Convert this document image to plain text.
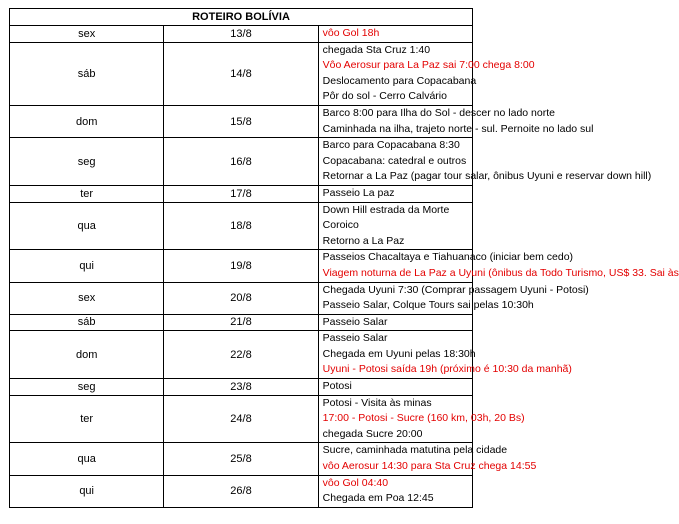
ROTEIRO BOLÍVIA		
sex	13/8	vôo Gol 18h

sáb	14/8	chegada Sta Cruz 1:40
Vôo Aerosur para La Paz sai 7:00 chega 8:00
Deslocamento para Copacabana
Pôr do sol - Cerro Calvário

dom	15/8	Barco 8:00 para Ilha do Sol - descer no lado norte
Caminhada na ilha, trajeto norte - sul. Pernoite no lado sul

seg	16/8	Barco para Copacabana 8:30
Copacabana: catedral e outros
Retornar a La Paz (pagar tour salar, ônibus Uyuni e reservar down hill)

ter	17/8	Passeio La paz

qua	18/8	Down Hill estrada da Morte
Coroico
Retorno a La Paz

qui	19/8	Passeios Chacaltaya e Tiahuanaco (iniciar bem cedo)
Viagem noturna de La Paz a Uyuni (ônibus da Todo Turismo, US$ 33. Sai às

sex	20/8	Chegada Uyuni 7:30 (Comprar passagem Uyuni - Potosi)
Passeio Salar, Colque Tours sai pelas 10:30h

sáb	21/8	Passeio Salar

dom	22/8	Passeio Salar
Chegada em Uyuni pelas 18:30h
Uyuni - Potosi saída 19h (próximo é 10:30 da manhã)

seg	23/8	Potosi

ter	24/8	Potosi - Visita às minas
17:00 - Potosi - Sucre (160 km, 03h, 20 Bs)
chegada Sucre 20:00

qua	25/8	Sucre, caminhada matutina pela cidade
vôo Aerosur 14:30 para Sta Cruz chega 14:55

qui	26/8	vôo Gol 04:40
Chegada em Poa 12:45
